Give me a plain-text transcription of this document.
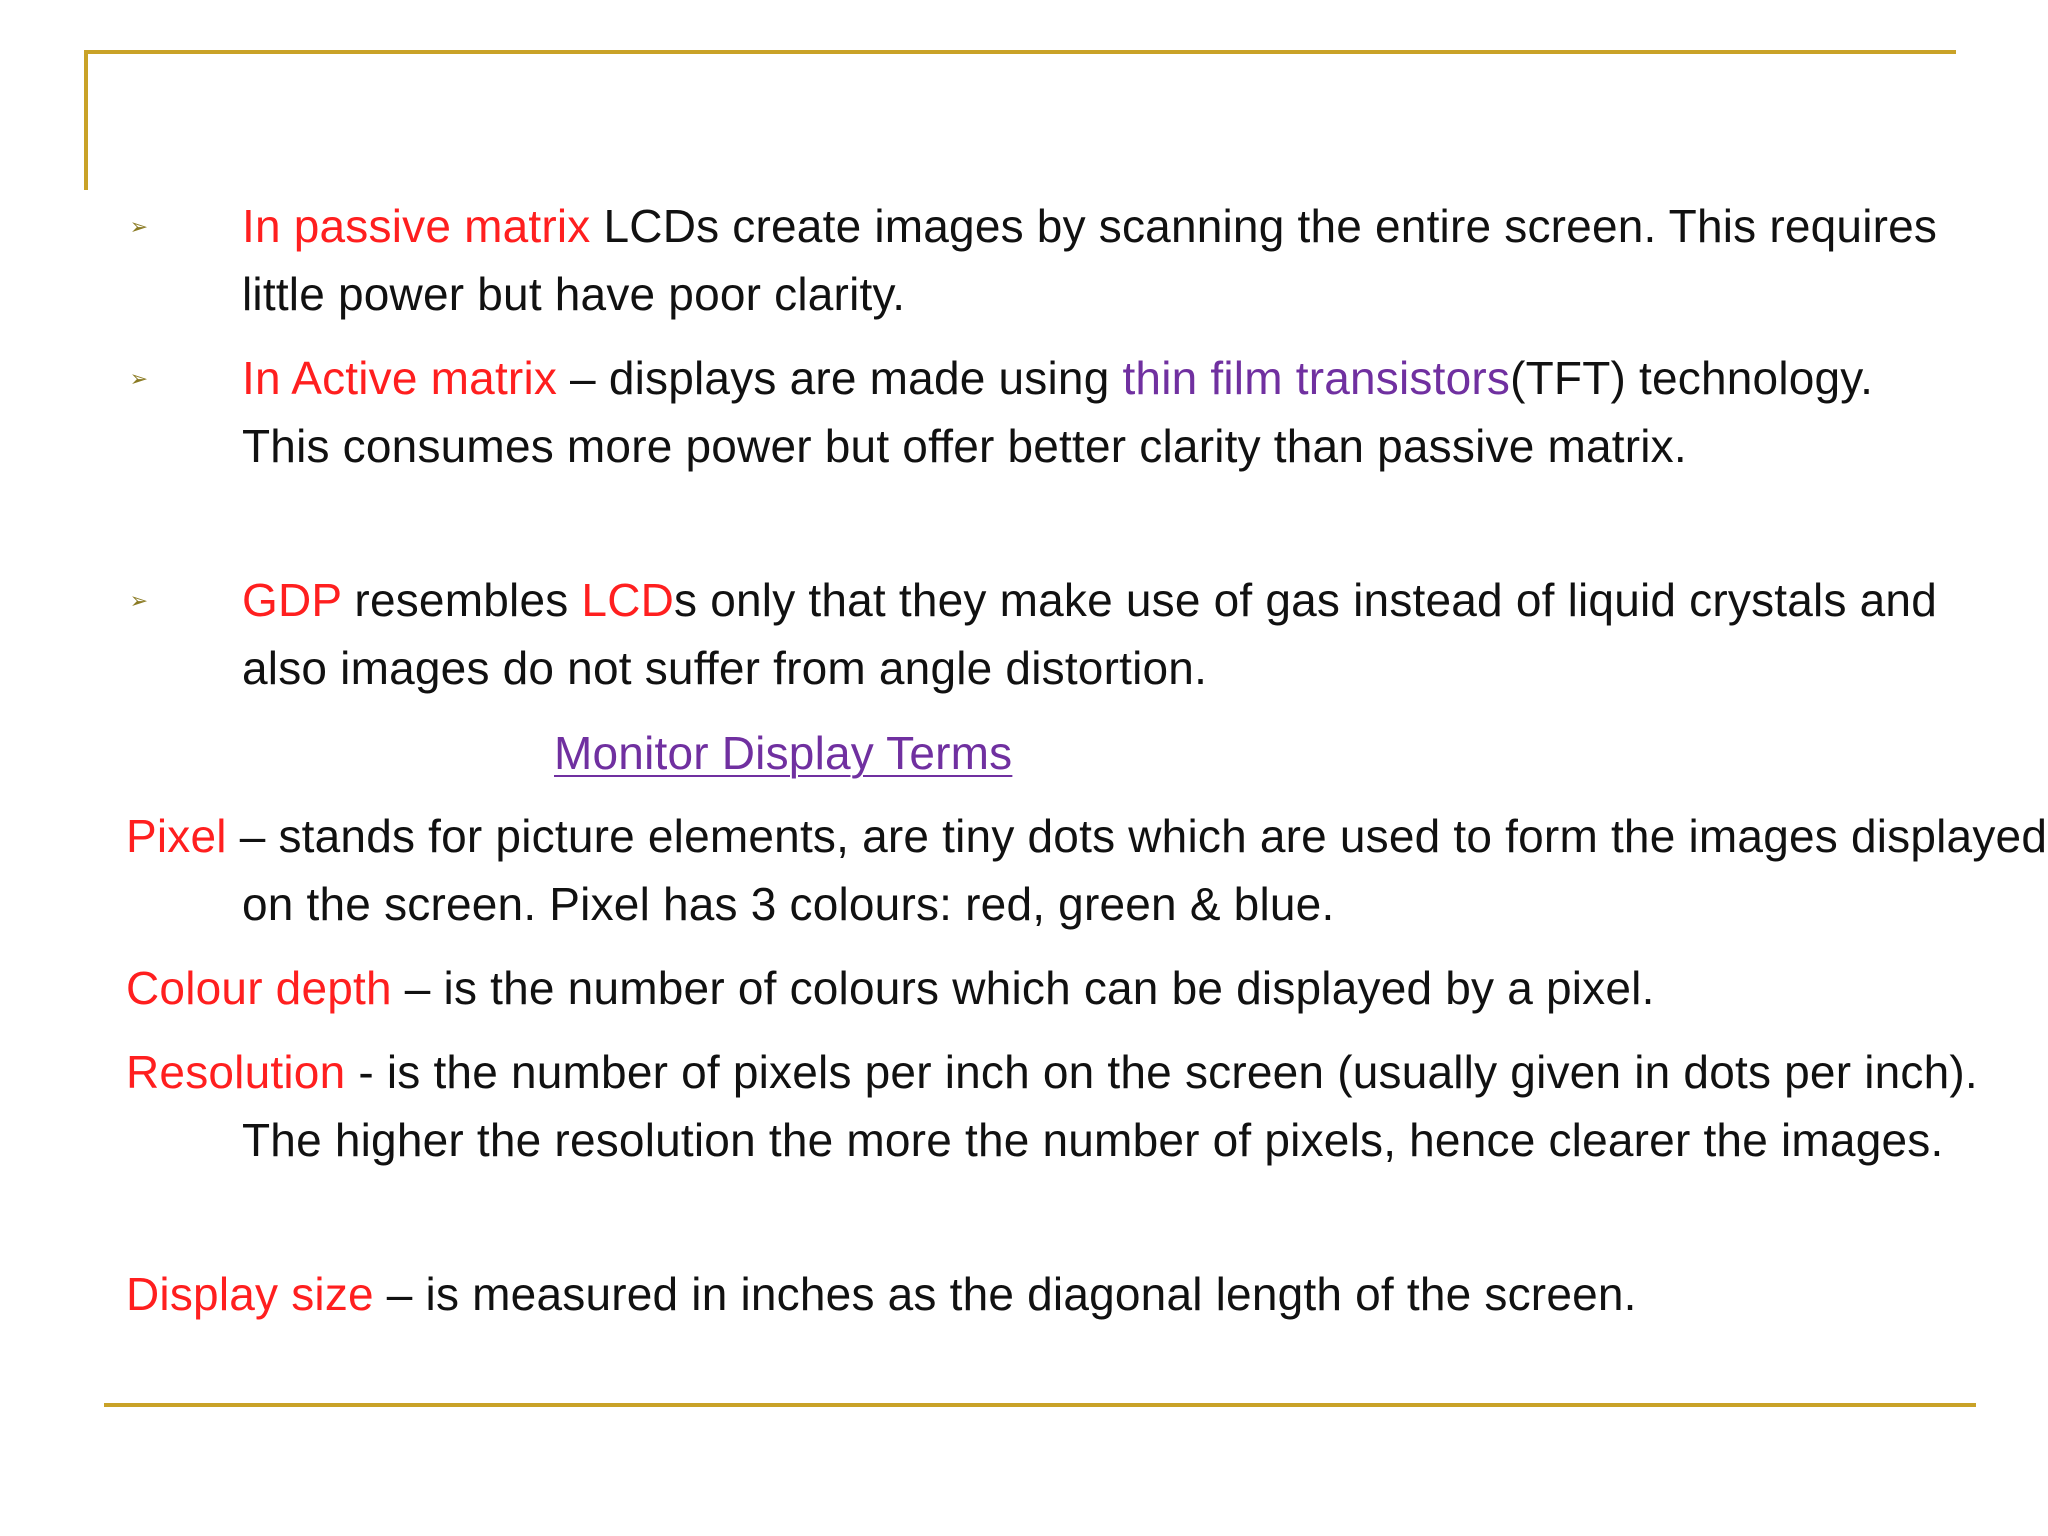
➢ In passive matrix LCDs create images by scanning the entire screen. This requires little power but have poor clarity.

➢ In Active matrix – displays are made using thin film transistors(TFT) technology. This consumes more power but offer better clarity than passive matrix.

➢ GDP resembles LCDs only that they make use of gas instead of liquid crystals and also images do not suffer from angle distortion.

Monitor Display Terms

Pixel – stands for picture elements, are tiny dots which are used to form the images displayed on the screen. Pixel has 3 colours: red, green & blue.

Colour depth – is the number of colours which can be displayed by a pixel.

Resolution - is the number of pixels per inch on the screen (usually given in dots per inch). The higher the resolution the more the number of pixels, hence clearer the images.

Display size – is measured in inches as the diagonal length of the screen.
